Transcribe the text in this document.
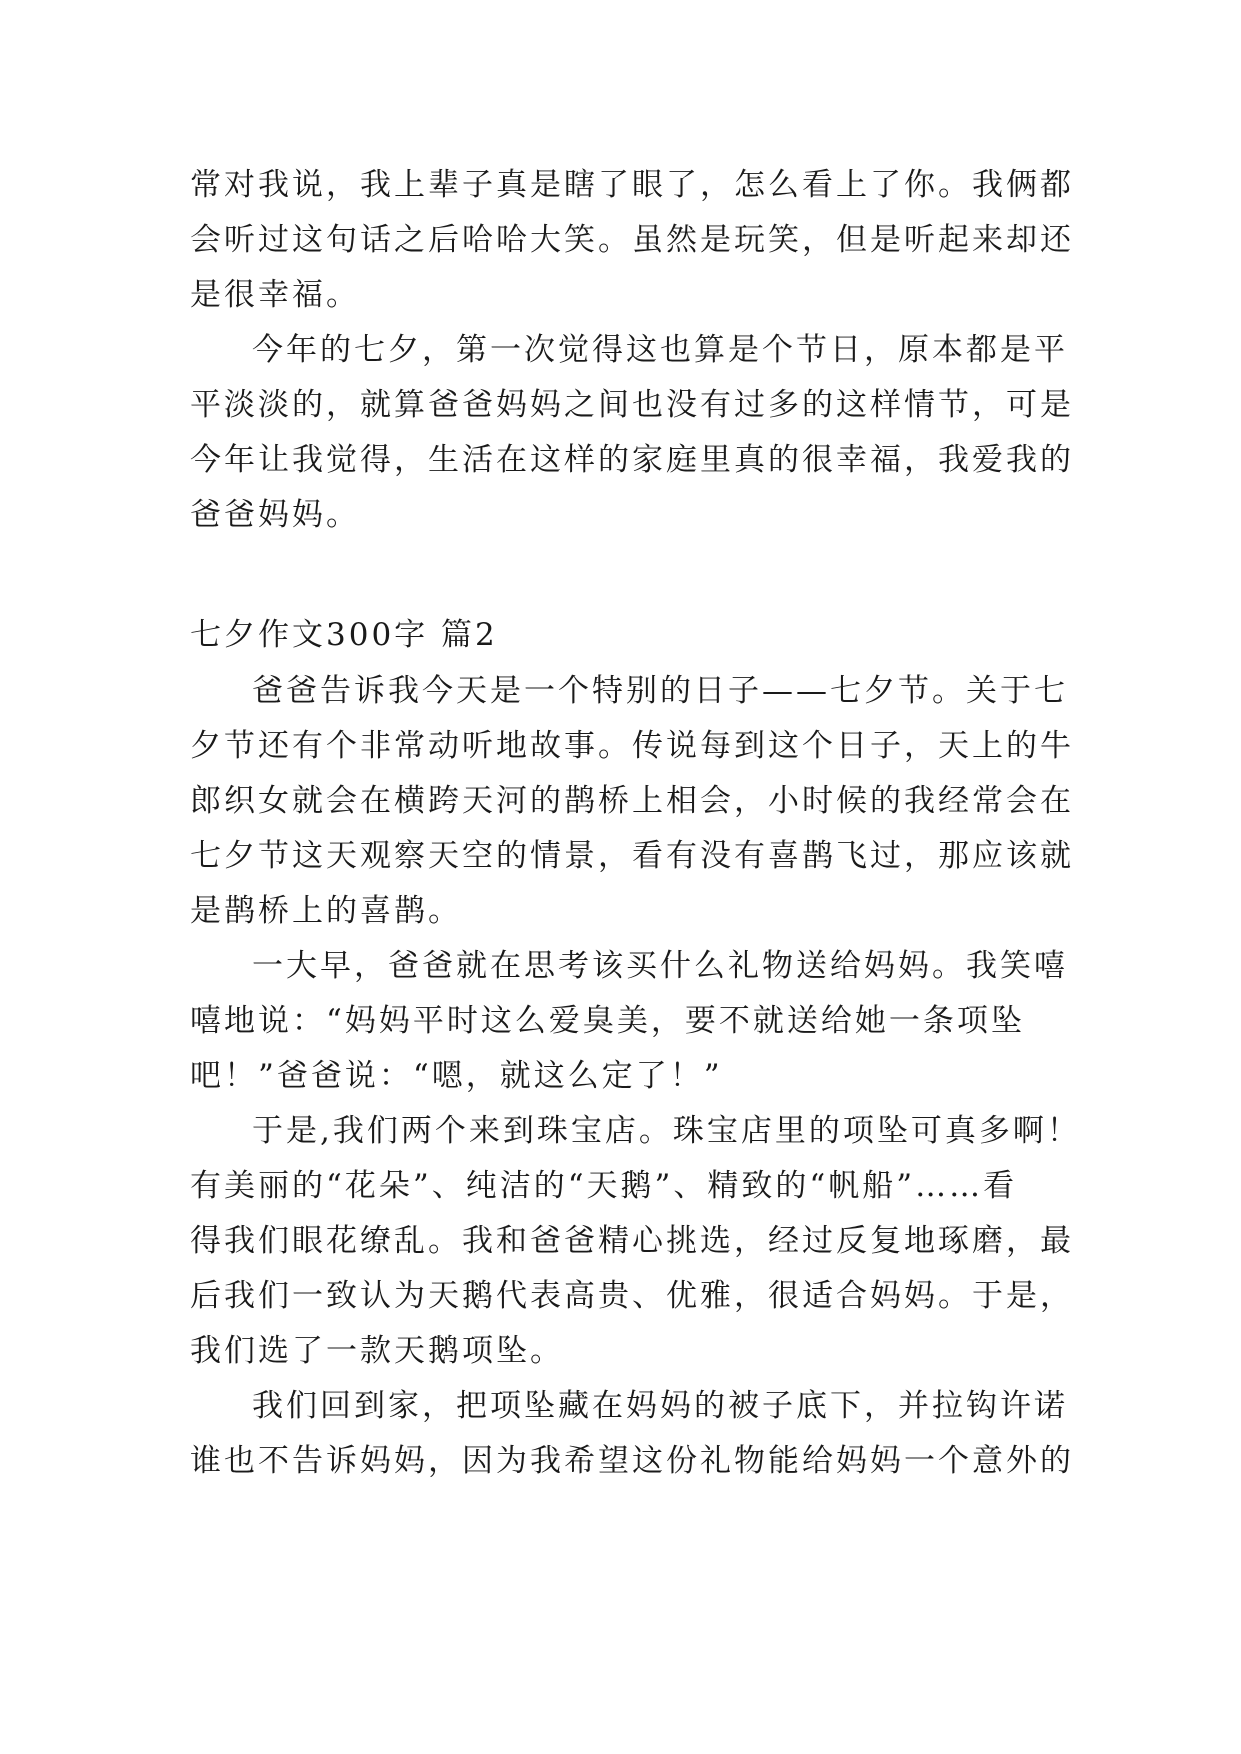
常对我说，我上辈子真是瞎了眼了，怎么看上了你。我俩都
会听过这句话之后哈哈大笑。虽然是玩笑，但是听起来却还
是很幸福。
今年的七夕，第一次觉得这也算是个节日，原本都是平
平淡淡的，就算爸爸妈妈之间也没有过多的这样情节，可是
今年让我觉得，生活在这样的家庭里真的很幸福，我爱我的
爸爸妈妈。
七夕作文300字 篇2
爸爸告诉我今天是一个特别的日子——七夕节。关于七
夕节还有个非常动听地故事。传说每到这个日子，天上的牛
郎织女就会在横跨天河的鹊桥上相会，小时候的我经常会在
七夕节这天观察天空的情景，看有没有喜鹊飞过，那应该就
是鹊桥上的喜鹊。
一大早，爸爸就在思考该买什么礼物送给妈妈。我笑嘻
嘻地说：“妈妈平时这么爱臭美，要不就送给她一条项坠
吧！”爸爸说：“嗯，就这么定了！”
于是,我们两个来到珠宝店。珠宝店里的项坠可真多啊！
有美丽的“花朵”、纯洁的“天鹅”、精致的“帆船”……看
得我们眼花缭乱。我和爸爸精心挑选，经过反复地琢磨，最
后我们一致认为天鹅代表高贵、优雅，很适合妈妈。于是，
我们选了一款天鹅项坠。
我们回到家，把项坠藏在妈妈的被子底下，并拉钩许诺
谁也不告诉妈妈，因为我希望这份礼物能给妈妈一个意外的
